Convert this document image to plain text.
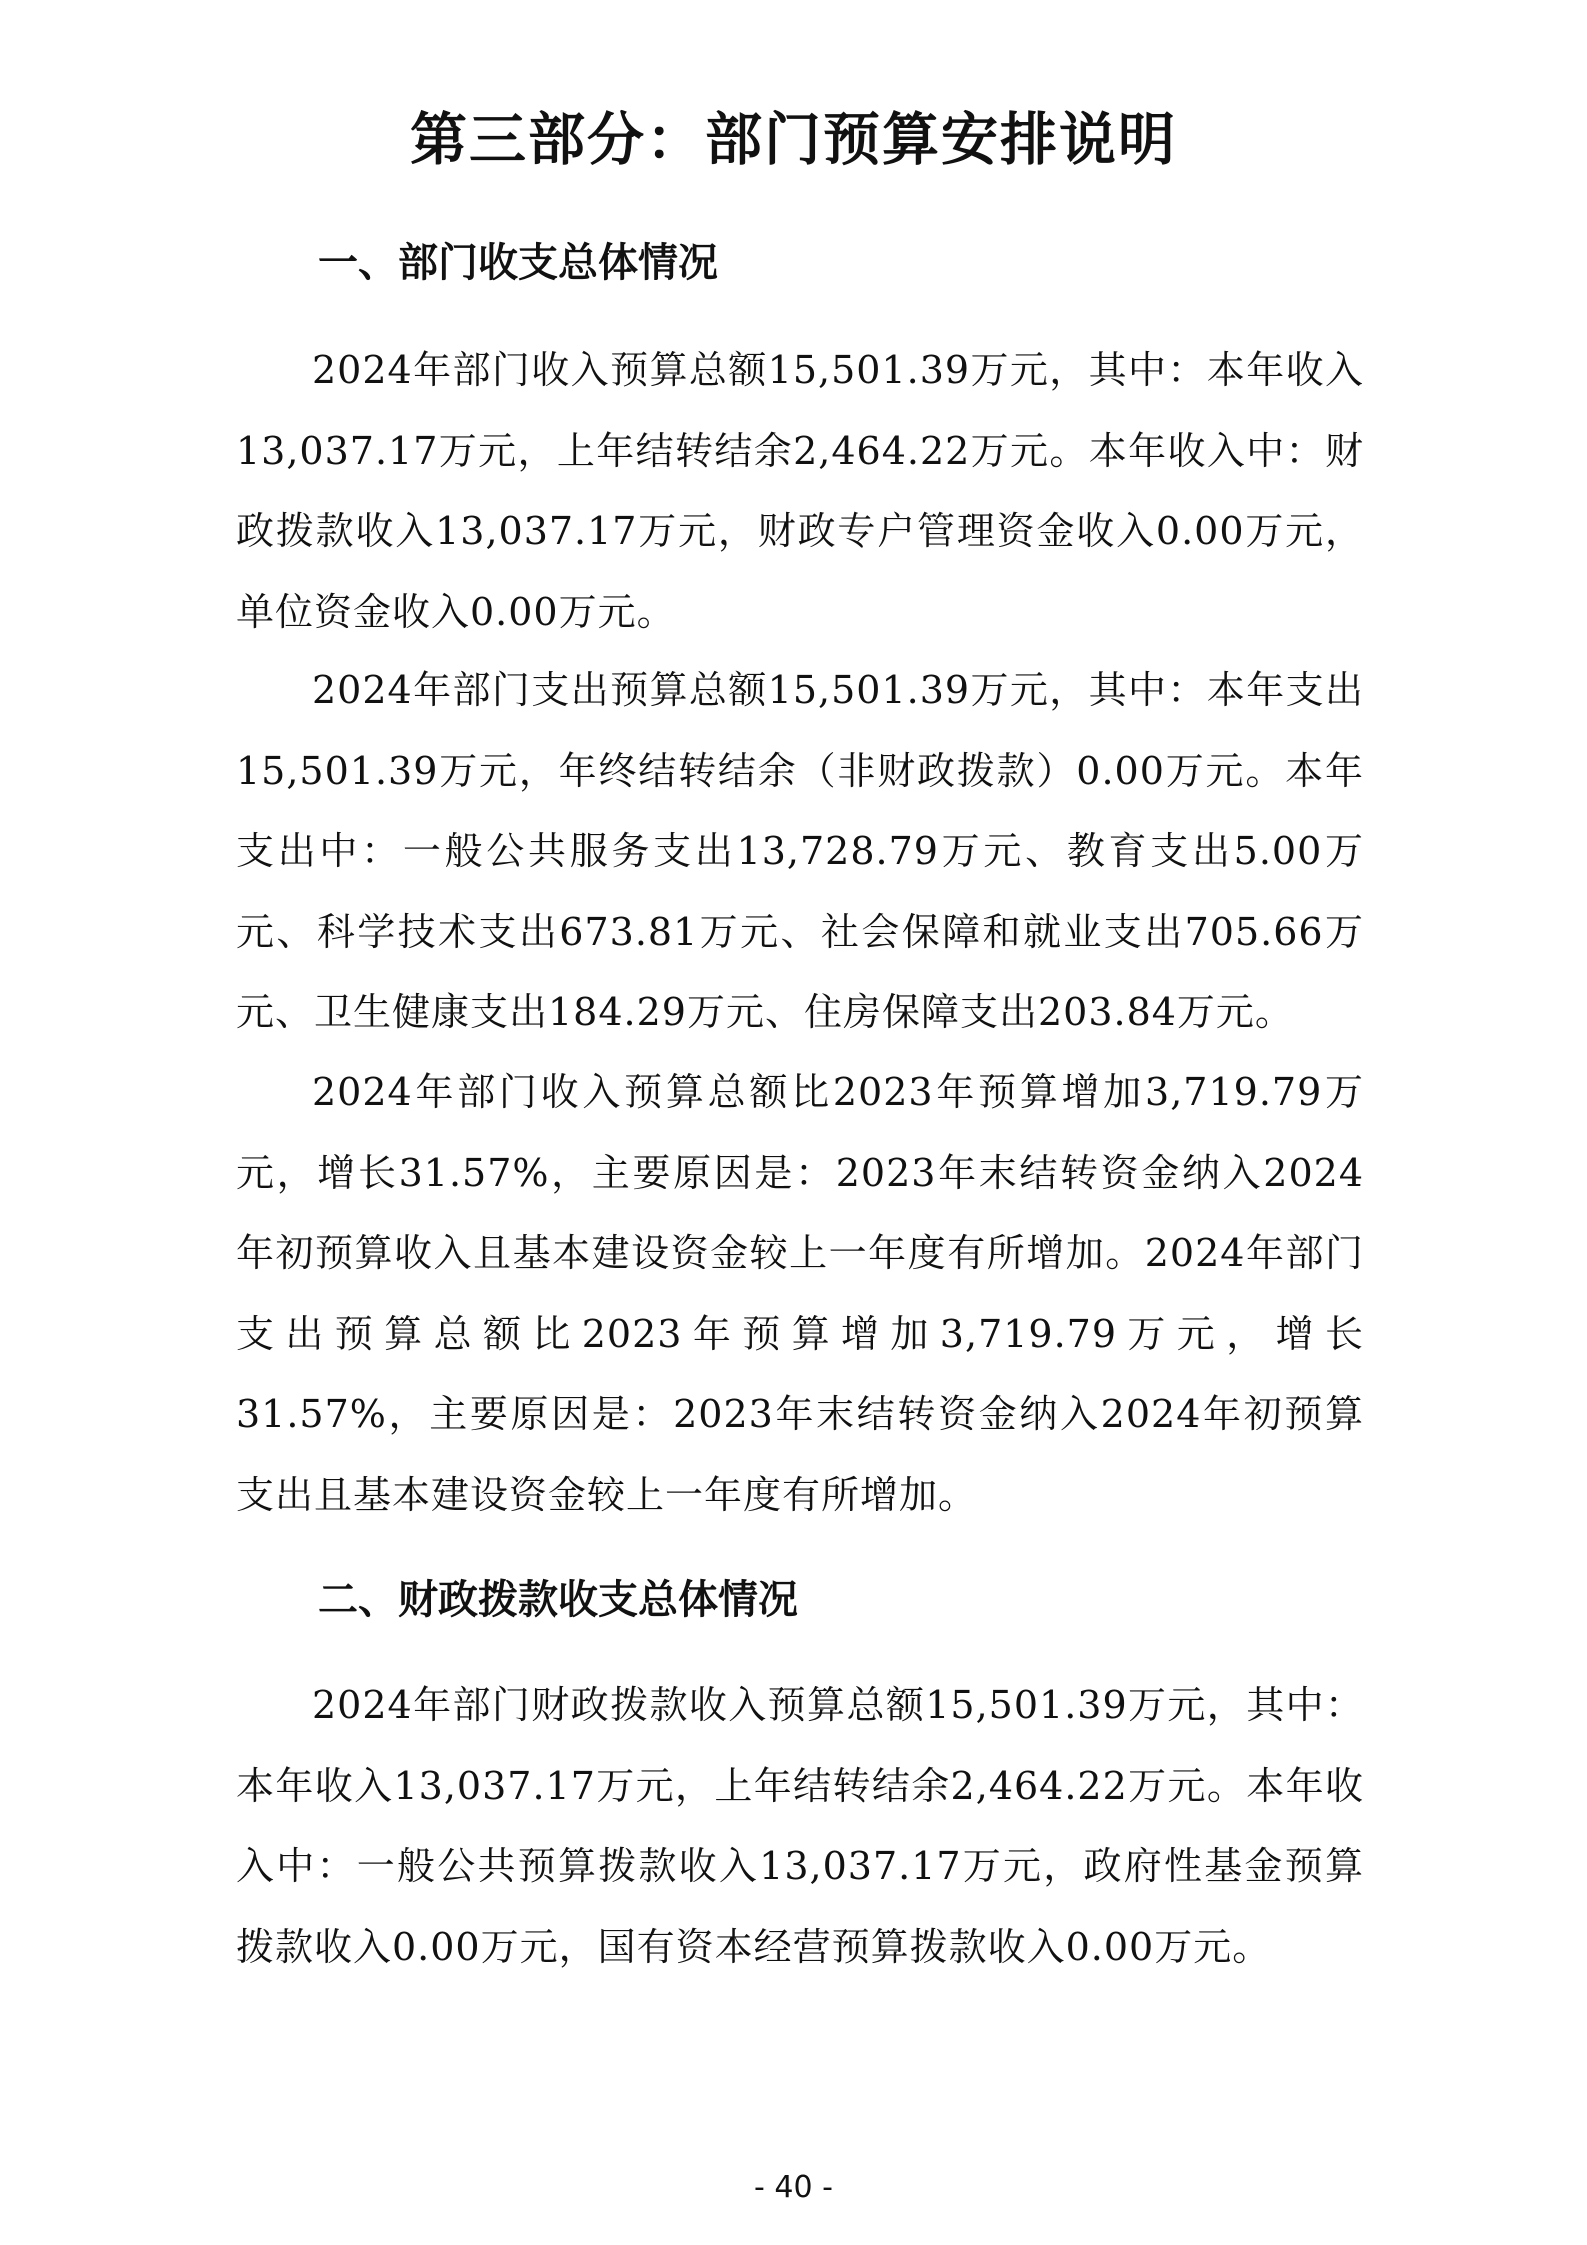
第三部分：部门预算安排说明
一、部门收支总体情况

2024年部门收入预算总额15,501.39万元，其中：本年收入13,037.17万元，上年结转结余2,464.22万元。本年收入中：财政拨款收入13,037.17万元，财政专户管理资金收入0.00万元，单位资金收入0.00万元。

2024年部门支出预算总额15,501.39万元，其中：本年支出15,501.39万元，年终结转结余（非财政拨款）0.00万元。本年支出中：一般公共服务支出13,728.79万元、教育支出5.00万元、科学技术支出673.81万元、社会保障和就业支出705.66万元、卫生健康支出184.29万元、住房保障支出203.84万元。

2024年部门收入预算总额比2023年预算增加3,719.79万元，增长31.57%，主要原因是：2023年末结转资金纳入2024年初预算收入且基本建设资金较上一年度有所增加。2024年部门支出预算总额比2023年预算增加3,719.79万元，增长31.57%，主要原因是：2023年末结转资金纳入2024年初预算支出且基本建设资金较上一年度有所增加。

二、财政拨款收支总体情况

2024年部门财政拨款收入预算总额15,501.39万元，其中：本年收入13,037.17万元，上年结转结余2,464.22万元。本年收入中：一般公共预算拨款收入13,037.17万元，政府性基金预算拨款收入0.00万元，国有资本经营预算拨款收入0.00万元。

- 40 -
